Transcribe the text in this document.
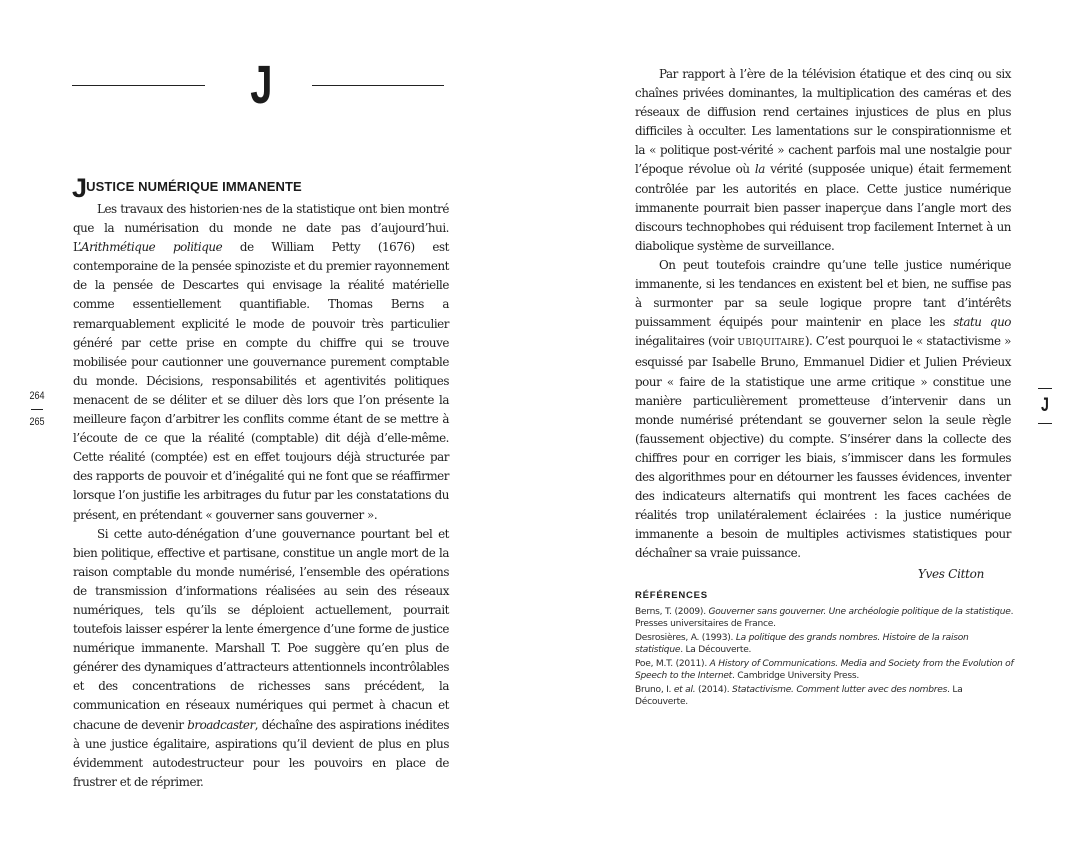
J
JUSTICE NUMÉRIQUE IMMANENTE

Les travaux des historien·nes de la statistique ont bien montré que la numérisation du monde ne date pas d’aujourd’hui. L’Arithmétique politique de William Petty (1676) est contemporaine de la pensée spinoziste et du premier rayonnement de la pensée de Descartes qui envisage la réalité matérielle comme essentiellement quantifiable. Thomas Berns a remarquablement explicité le mode de pouvoir très particulier généré par cette prise en compte du chiffre qui se trouve mobilisée pour cautionner une gouvernance purement comptable du monde. Décisions, responsabilités et agentivités politiques menacent de se déliter et se diluer dès lors que l’on présente la meilleure façon d’arbitrer les conflits comme étant de se mettre à l’écoute de ce que la réalité (comptable) dit déjà d’elle-même. Cette réalité (comptée) est en effet toujours déjà structurée par des rapports de pouvoir et d’inégalité qui ne font que se réaffirmer lorsque l’on justifie les arbitrages du futur par les constatations du présent, en prétendant « gouverner sans gouverner ».

Si cette auto-dénégation d’une gouvernance pourtant bel et bien politique, effective et partisane, constitue un angle mort de la raison comptable du monde numérisé, l’ensemble des opérations de transmission d’informations réalisées au sein des réseaux numériques, tels qu’ils se déploient actuellement, pourrait toutefois laisser espérer la lente émergence d’une forme de justice numérique immanente. Marshall T. Poe suggère qu’en plus de générer des dynamiques d’attracteurs attentionnels incontrôlables et des concentrations de richesses sans précédent, la communication en réseaux numériques qui permet à chacun et chacune de devenir broadcaster, déchaîne des aspirations inédites à une justice égalitaire, aspirations qu’il devient de plus en plus évidemment autodestructeur pour les pouvoirs en place de frustrer et de réprimer.

264
265

Par rapport à l’ère de la télévision étatique et des cinq ou six chaînes privées dominantes, la multiplication des caméras et des réseaux de diffusion rend certaines injustices de plus en plus difficiles à occulter. Les lamentations sur le conspirationnisme et la « politique post-vérité » cachent parfois mal une nostalgie pour l’époque révolue où la vérité (supposée unique) était fermement contrôlée par les autorités en place. Cette justice numérique immanente pourrait bien passer inaperçue dans l’angle mort des discours technophobes qui réduisent trop facilement Internet à un diabolique système de surveillance.

On peut toutefois craindre qu’une telle justice numérique immanente, si les tendances en existent bel et bien, ne suffise pas à surmonter par sa seule logique propre tant d’intérêts puissamment équipés pour maintenir en place les statu quo inégalitaires (voir UBIQUITAIRE). C’est pourquoi le « statactivisme » esquissé par Isabelle Bruno, Emmanuel Didier et Julien Prévieux pour « faire de la statistique une arme critique » constitue une manière particulièrement prometteuse d’intervenir dans un monde numérisé prétendant se gouverner selon la seule règle (faussement objective) du compte. S’insérer dans la collecte des chiffres pour en corriger les biais, s’immiscer dans les formules des algorithmes pour en détourner les fausses évidences, inventer des indicateurs alternatifs qui montrent les faces cachées de réalités trop unilatéralement éclairées : la justice numérique immanente a besoin de multiples activismes statistiques pour déchaîner sa vraie puissance.

J
Yves Citton
RÉFÉRENCES

Berns, T. (2009). Gouverner sans gouverner. Une archéologie politique de la statistique. Presses universitaires de France.

Desrosières, A. (1993). La politique des grands nombres. Histoire de la raison statistique. La Découverte.

Poe, M.T. (2011). A History of Communications. Media and Society from the Evolution of Speech to the Internet. Cambridge University Press.

Bruno, I. et al. (2014). Statactivisme. Comment lutter avec des nombres. La Découverte.
